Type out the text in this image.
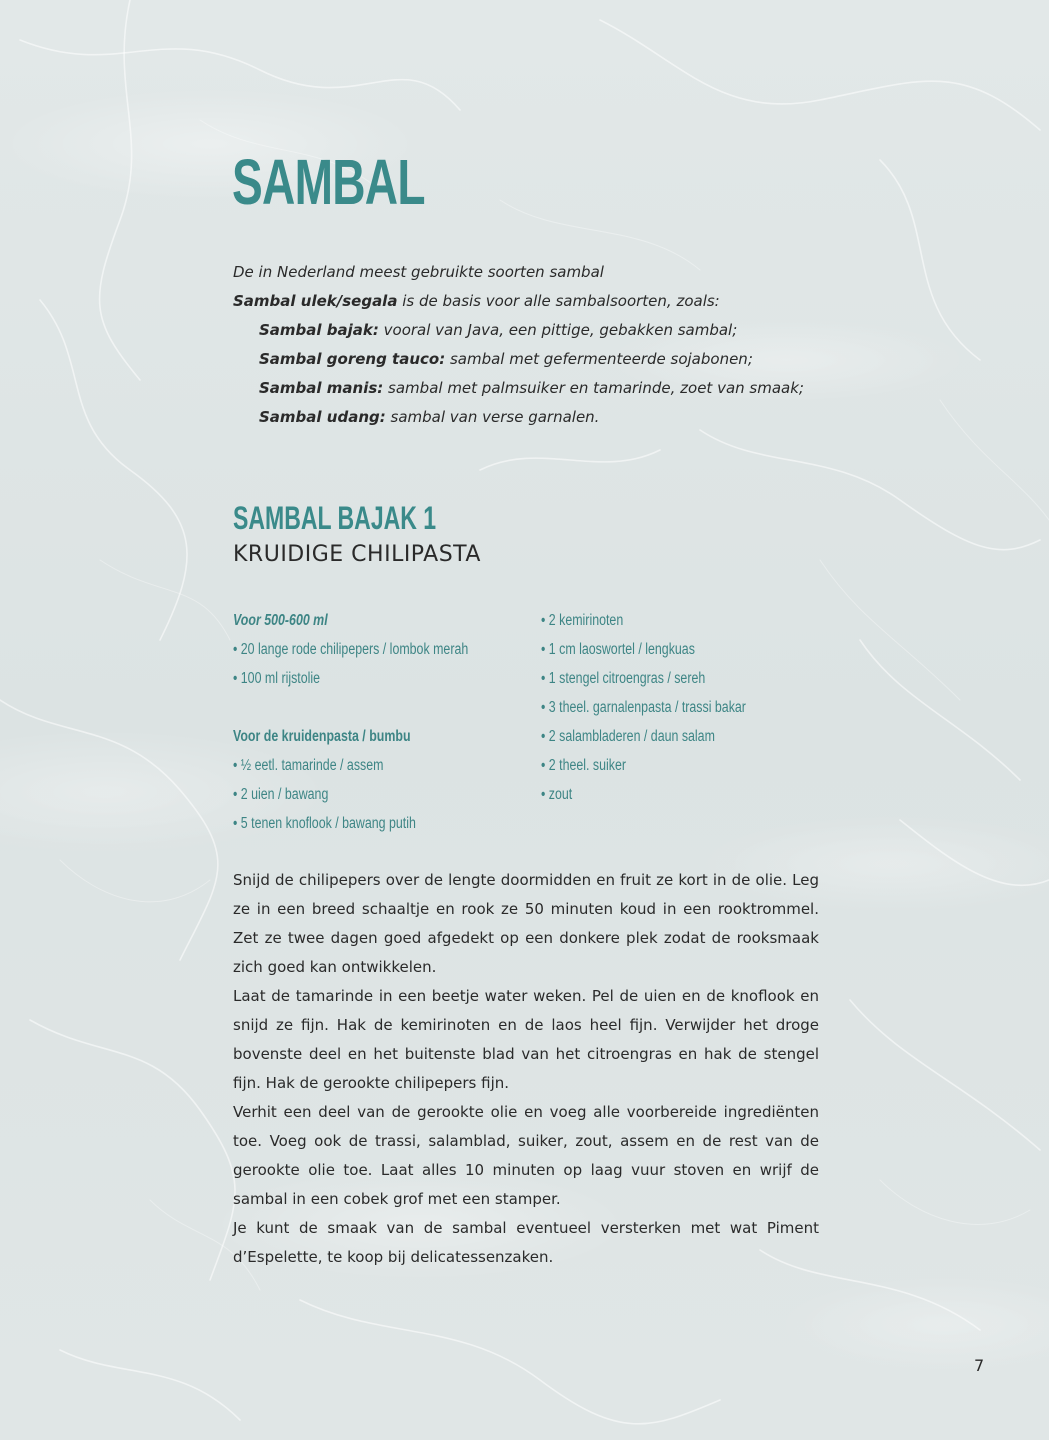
SAMBAL
De in Nederland meest gebruikte soorten sambal
Sambal ulek/segala is de basis voor alle sambalsoorten, zoals:
Sambal bajak: vooral van Java, een pittige, gebakken sambal;
Sambal goreng tauco: sambal met gefermenteerde sojabonen;
Sambal manis: sambal met palmsuiker en tamarinde, zoet van smaak;
Sambal udang: sambal van verse garnalen.
SAMBAL BAJAK 1
KRUIDIGE CHILIPASTA
Voor 500-600 ml
• 20 lange rode chilipepers / lombok merah
• 100 ml rijstolie
Voor de kruidenpasta / bumbu
• ½ eetl. tamarinde / assem
• 2 uien / bawang
• 5 tenen knoflook / bawang putih
• 2 kemirinoten
• 1 cm laoswortel / lengkuas
• 1 stengel citroengras / sereh
• 3 theel. garnalenpasta / trassi bakar
• 2 salambladeren / daun salam
• 2 theel. suiker
• zout

Snijd de chilipepers over de lengte doormidden en fruit ze kort in de olie. Leg ze in een breed schaaltje en rook ze 50 minuten koud in een rooktrommel. Zet ze twee dagen goed afgedekt op een donkere plek zodat de rooksmaak zich goed kan ontwikkelen.

Laat de tamarinde in een beetje water weken. Pel de uien en de knoflook en snijd ze fijn. Hak de kemirinoten en de laos heel fijn. Verwijder het droge bovenste deel en het buitenste blad van het citroengras en hak de stengel fijn. Hak de gerookte chilipepers fijn.

Verhit een deel van de gerookte olie en voeg alle voorbereide ingrediënten toe. Voeg ook de trassi, salamblad, suiker, zout, assem en de rest van de gerookte olie toe. Laat alles 10 minuten op laag vuur stoven en wrijf de sambal in een cobek grof met een stamper.

Je kunt de smaak van de sambal eventueel versterken met wat Piment d’Espelette, te koop bij delicatessenzaken.

7
